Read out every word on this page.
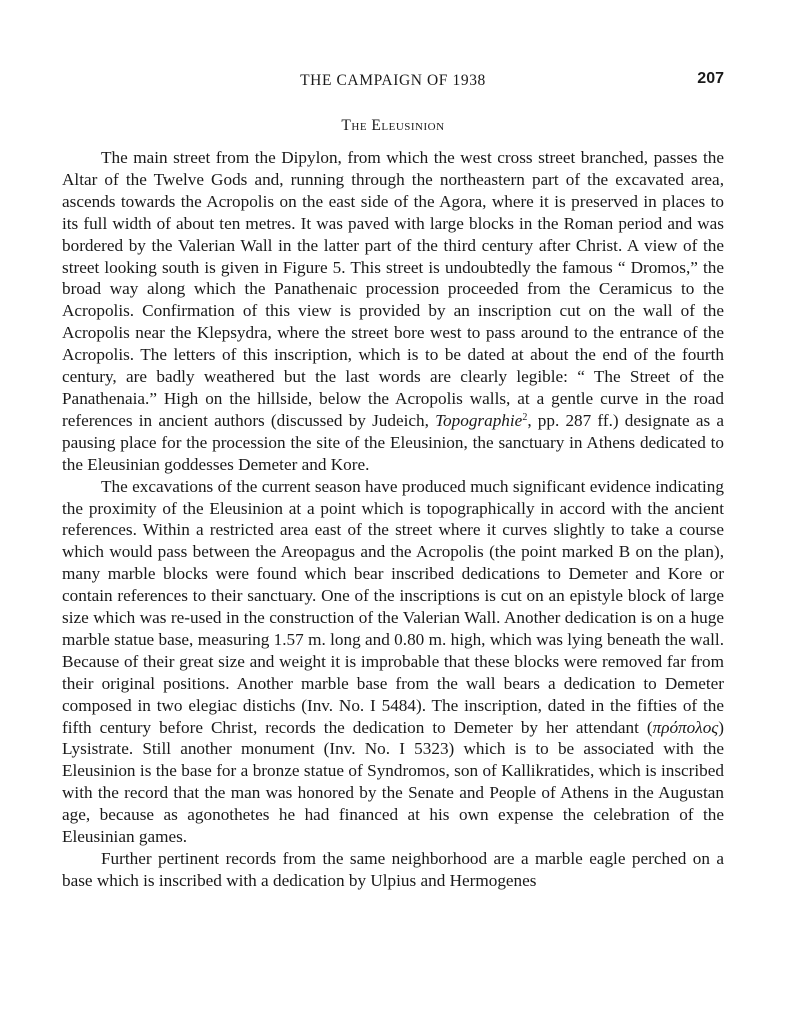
THE CAMPAIGN OF 1938	207
The Eleusinion

The main street from the Dipylon, from which the west cross street branched, passes the Altar of the Twelve Gods and, running through the northeastern part of the excavated area, ascends towards the Acropolis on the east side of the Agora, where it is preserved in places to its full width of about ten metres. It was paved with large blocks in the Roman period and was bordered by the Valerian Wall in the latter part of the third century after Christ. A view of the street looking south is given in Figure 5. This street is undoubtedly the famous “ Dromos,” the broad way along which the Panathenaic procession proceeded from the Ceramicus to the Acropolis. Confirmation of this view is provided by an inscription cut on the wall of the Acropolis near the Klepsydra, where the street bore west to pass around to the entrance of the Acropolis. The letters of this inscription, which is to be dated at about the end of the fourth century, are badly weathered but the last words are clearly legible: “ The Street of the Panathenaia.” High on the hillside, below the Acropolis walls, at a gentle curve in the road references in ancient authors (discussed by Judeich, Topographie$^2$, pp. 287 ff.) designate as a pausing place for the procession the site of the Eleusinion, the sanctuary in Athens dedicated to the Eleusinian goddesses Demeter and Kore.

The excavations of the current season have produced much significant evidence indicating the proximity of the Eleusinion at a point which is topographically in accord with the ancient references. Within a restricted area east of the street where it curves slightly to take a course which would pass between the Areopagus and the Acropolis (the point marked B on the plan), many marble blocks were found which bear inscribed dedications to Demeter and Kore or contain references to their sanctuary. One of the inscriptions is cut on an epistyle block of large size which was re-used in the construction of the Valerian Wall. Another dedication is on a huge marble statue base, measuring 1.57 m. long and 0.80 m. high, which was lying beneath the wall. Because of their great size and weight it is improbable that these blocks were removed far from their original positions. Another marble base from the wall bears a dedication to Demeter composed in two elegiac distichs (Inv. No. I 5484). The inscription, dated in the fifties of the fifth century before Christ, records the dedication to Demeter by her attendant (πρόπολος) Lysistrate. Still another monument (Inv. No. I 5323) which is to be associated with the Eleusinion is the base for a bronze statue of Syndromos, son of Kallikratides, which is inscribed with the record that the man was honored by the Senate and People of Athens in the Augustan age, because as agonothetes he had financed at his own expense the celebration of the Eleusinian games.

Further pertinent records from the same neighborhood are a marble eagle perched on a base which is inscribed with a dedication by Ulpius and Hermogenes
